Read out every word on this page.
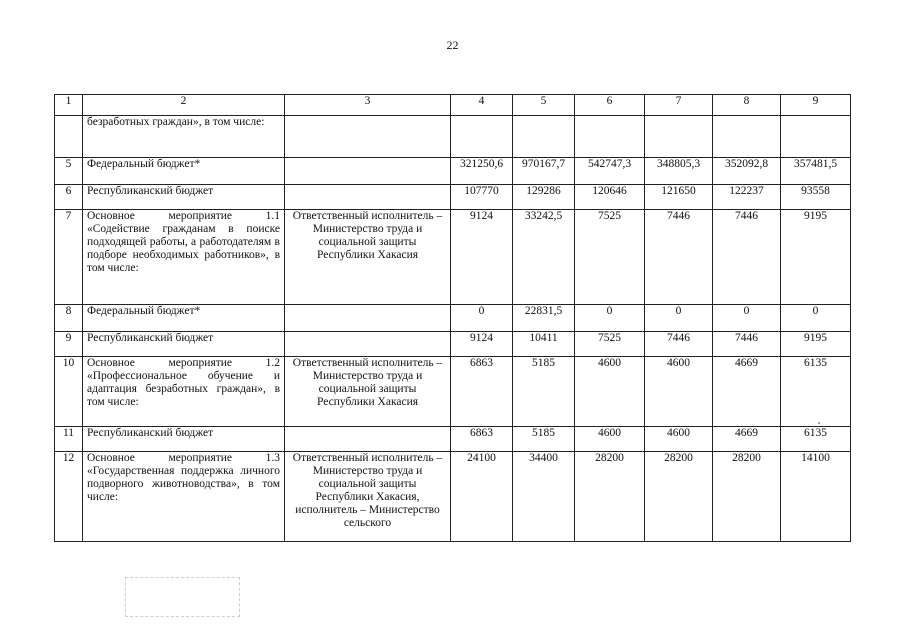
22
1	2	3	4	5	6	7	8	9
	безработных граждан», в том числе:							
5	Федеральный бюджет*		321250,6	970167,7	542747,3	348805,3	352092,8	357481,5
6	Республиканский бюджет		107770	129286	120646	121650	122237	93558
7	Основное мероприятие 1.1 «Содействие гражданам в поиске подходящей работы, а работодателям в подборе необходимых работников», в том числе:	Ответственный исполнитель – Министерство труда и социальной защиты Республики Хакасия	9124	33242,5	7525	7446	7446	9195
8	Федеральный бюджет*		0	22831,5	0	0	0	0
9	Республиканский бюджет		9124	10411	7525	7446	7446	9195
10	Основное мероприятие 1.2 «Профессиональное обучение и адаптация безработных граждан», в том числе:	Ответственный исполнитель – Министерство труда и социальной защиты Республики Хакасия	6863	5185	4600	4600	4669	6135
11	Республиканский бюджет		6863	5185	4600	4600	4669	6135
12	Основное мероприятие 1.3 «Государственная поддержка личного подворного животноводства», в том числе:	Ответственный исполнитель – Министерство труда и социальной защиты Республики Хакасия, исполнитель – Министерство сельского	24100	34400	28200	28200	28200	14100
